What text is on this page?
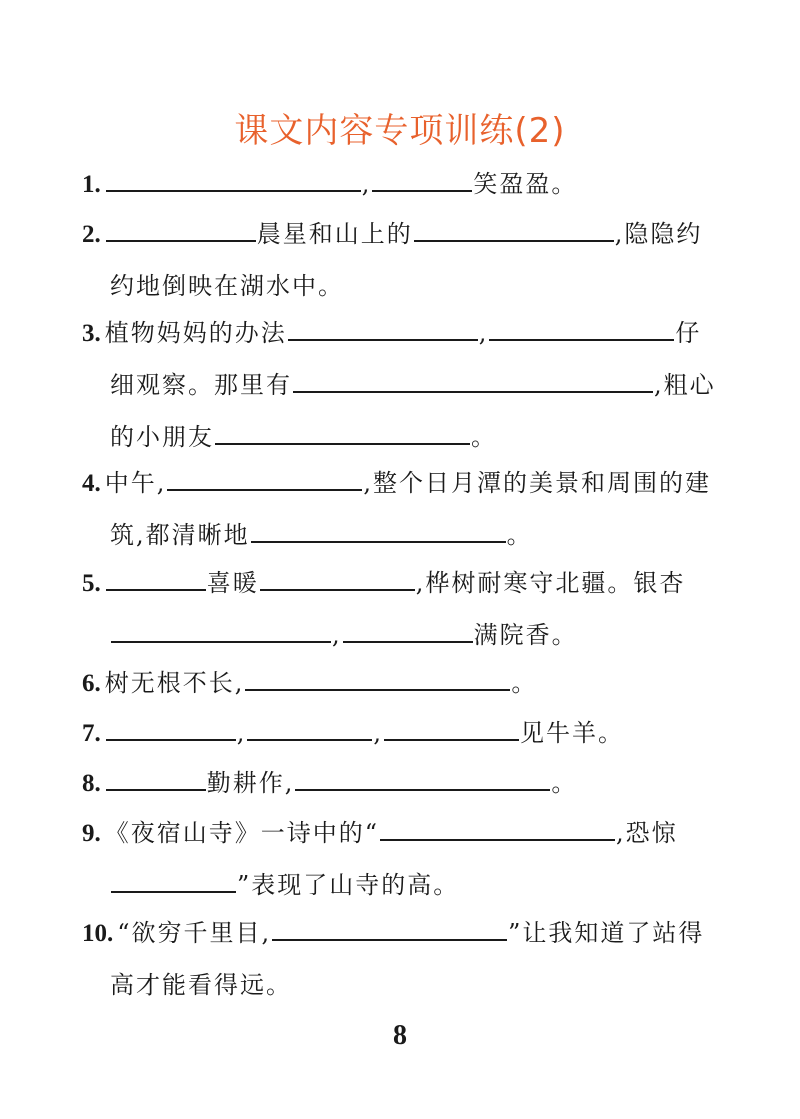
课文内容专项训练(2)
1.	,	笑盈盈。
2.	晨星和山上的	,隐隐约
约地倒映在湖水中。
3. 植物妈妈的办法	,	仔
细观察。那里有	,粗心
的小朋友	。
4. 中午,	,整个日月潭的美景和周围的建
筑,都清晰地	。
5.	喜暖	,桦树耐寒守北疆。银杏
,	满院香。
6. 树无根不长,	。
7.	,	,	见牛羊。
8.	勤耕作,	。
9. 《夜宿山寺》一诗中的“	,恐惊
”表现了山寺的高。
10. “欲穷千里目,	”让我知道了站得
高才能看得远。
8
